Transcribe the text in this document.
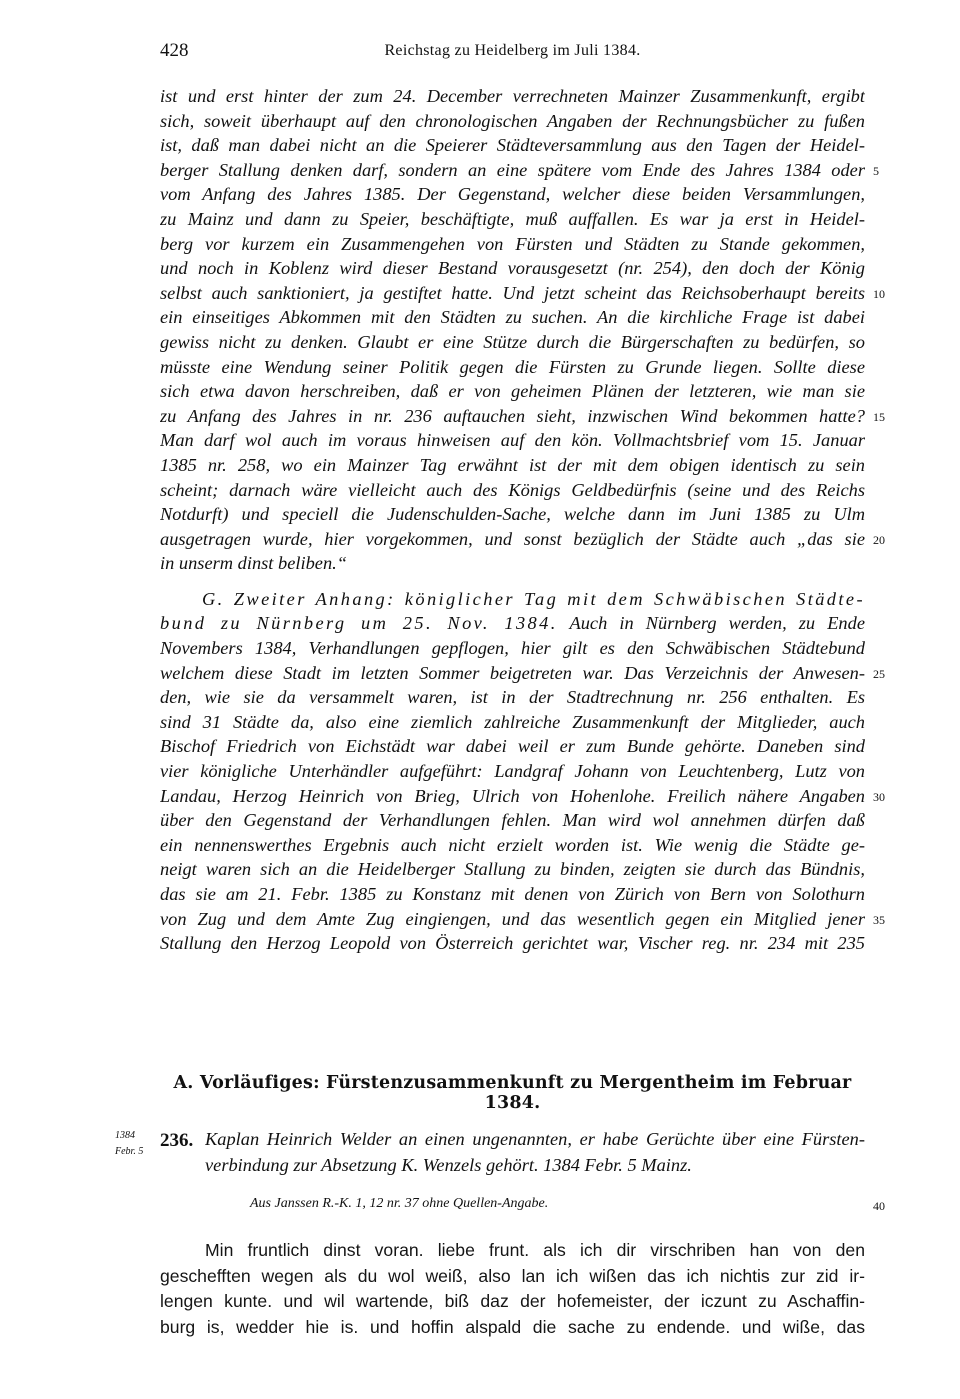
428	Reichstag zu Heidelberg im Juli 1384.
ist und erst hinter der zum 24. December verrechneten Mainzer Zusammenkunft, ergibt
sich, soweit überhaupt auf den chronologischen Angaben der Rechnungsbücher zu fußen
ist, daß man dabei nicht an die Speierer Städteversammlung aus den Tagen der Heidel-
berger Stallung denken darf, sondern an eine spätere vom Ende des Jahres 1384 oder 5
vom Anfang des Jahres 1385. Der Gegenstand, welcher diese beiden Versammlungen,
zu Mainz und dann zu Speier, beschäftigte, muß auffallen. Es war ja erst in Heidel-
berg vor kurzem ein Zusammengehen von Fürsten und Städten zu Stande gekommen,
und noch in Koblenz wird dieser Bestand vorausgesetzt (nr. 254), den doch der König
selbst auch sanktioniert, ja gestiftet hatte. Und jetzt scheint das Reichsoberhaupt bereits 10
ein einseitiges Abkommen mit den Städten zu suchen. An die kirchliche Frage ist dabei
gewiss nicht zu denken. Glaubt er eine Stütze durch die Bürgerschaften zu bedürfen, so
müsste eine Wendung seiner Politik gegen die Fürsten zu Grunde liegen. Sollte diese
sich etwa davon herschreiben, daß er von geheimen Plänen der letzteren, wie man sie
zu Anfang des Jahres in nr. 236 auftauchen sieht, inzwischen Wind bekommen hatte? 15
Man darf wol auch im voraus hinweisen auf den kön. Vollmachtsbrief vom 15. Januar
1385 nr. 258, wo ein Mainzer Tag erwähnt ist der mit dem obigen identisch zu sein
scheint; darnach wäre vielleicht auch des Königs Geldbedürfnis (seine und des Reichs
Notdurft) und speciell die Judenschulden-Sache, welche dann im Juni 1385 zu Ulm
ausgetragen wurde, hier vorgekommen, und sonst bezüglich der Städte auch „das sie 20
in unserm dinst beliben.“
G. Zweiter Anhang: königlicher Tag mit dem Schwäbischen Städte-
bund zu Nürnberg um 25. Nov. 1384. Auch in Nürnberg werden, zu Ende
Novembers 1384, Verhandlungen gepflogen, hier gilt es den Schwäbischen Städtebund
welchem diese Stadt im letzten Sommer beigetreten war. Das Verzeichnis der Anwesen- 25
den, wie sie da versammelt waren, ist in der Stadtrechnung nr. 256 enthalten. Es
sind 31 Städte da, also eine ziemlich zahlreiche Zusammenkunft der Mitglieder, auch
Bischof Friedrich von Eichstädt war dabei weil er zum Bunde gehörte. Daneben sind
vier königliche Unterhändler aufgeführt: Landgraf Johann von Leuchtenberg, Lutz von
Landau, Herzog Heinrich von Brieg, Ulrich von Hohenlohe. Freilich nähere Angaben 30
über den Gegenstand der Verhandlungen fehlen. Man wird wol annehmen dürfen daß
ein nennenswerthes Ergebnis auch nicht erzielt worden ist. Wie wenig die Städte ge-
neigt waren sich an die Heidelberger Stallung zu binden, zeigten sie durch das Bündnis,
das sie am 21. Febr. 1385 zu Konstanz mit denen von Zürich von Bern von Solothurn
von Zug und dem Amte Zug eingiengen, und das wesentlich gegen ein Mitglied jener 35
Stallung den Herzog Leopold von Österreich gerichtet war, Vischer reg. nr. 234 mit 235
A. Vorläufiges: Fürstenzusammenkunft zu Mergentheim im Februar 1384.
1384
Febr. 5
236. Kaplan Heinrich Welder an einen ungenannten, er habe Gerüchte über eine Fürsten-
verbindung zur Absetzung K. Wenzels gehört. 1384 Febr. 5 Mainz.
Aus Janssen R.-K. 1, 12 nr. 37 ohne Quellen-Angabe.	40
Min fruntlich dinst voran. liebe frunt. als ich dir virschriben han von den
geschefften wegen als du wol weiß, also lan ich wißen das ich nichtis zur zid ir-
lengen kunte. und wil wartende, biß daz der hofemeister, der iczunt zu Aschaffin-
burg is, wedder hie is. und hoffin alspald die sache zu endende. und wiße, das
